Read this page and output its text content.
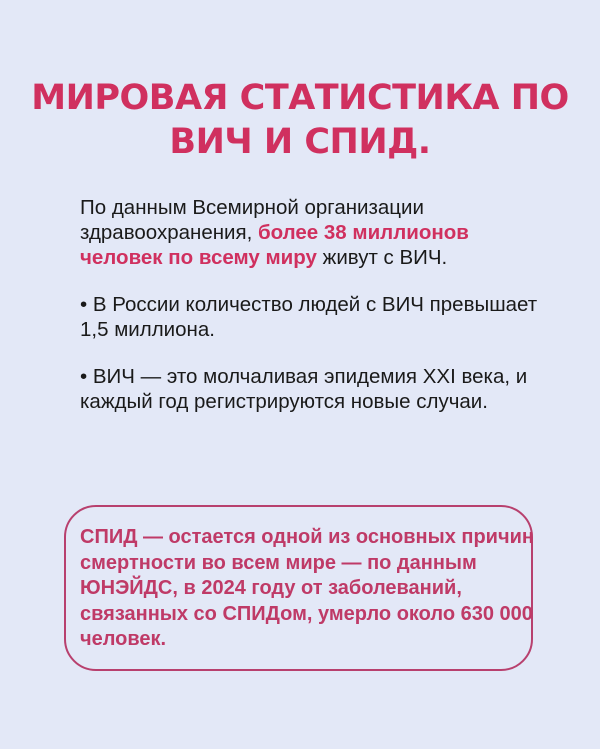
МИРОВАЯ СТАТИСТИКА ПО
ВИЧ И СПИД.

По данным Всемирной организации здравоохранения, более 38 миллионов человек по всему миру живут с ВИЧ.

• В России количество людей с ВИЧ превышает 1,5 миллиона.

• ВИЧ — это молчаливая эпидемия XXI века, и каждый год регистрируются новые случаи.

СПИД — остается одной из основных причин смертности во всем мире — по данным ЮНЭЙДС, в 2024 году от заболеваний, связанных со СПИДом, умерло около 630 000 человек.
